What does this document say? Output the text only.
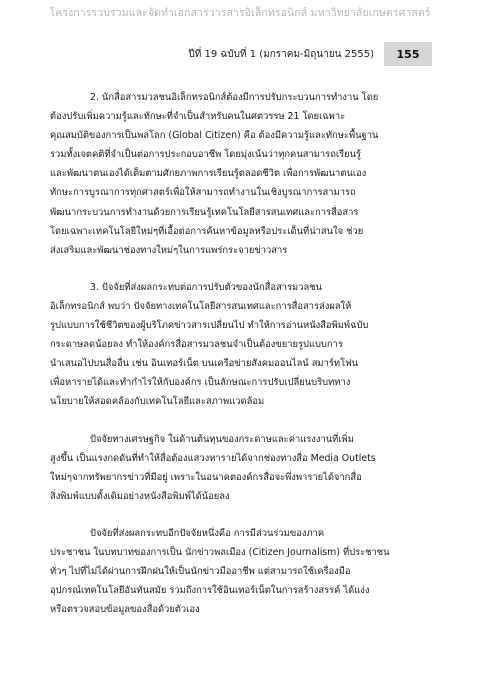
โครงการรวบรวมและจัดทำเอกสารวารสารอิเล็กทรอนิกส์ มหาวิทยาลัยเกษตรศาสตร์
ปีที่ 19 ฉบับที่ 1 (มกราคม-มิถุนายน 2555)	155

2. นักสื่อสารมวลชนอิเล็กทรอนิกส์ต้องมีการปรับกระบวนการทำงาน โดย
ต้องปรับเพิ่มความรู้และทักษะที่จำเป็นสำหรับคนในศตวรรษ 21 โดยเฉพาะ
คุณสมบัติของการเป็นพลโลก (Global Citizen) คือ ต้องมีความรู้และทักษะพื้นฐาน
รวมทั้งเจตคติที่จำเป็นต่อการประกอบอาชีพ โดยมุ่งเน้นว่าทุกคนสามารถเรียนรู้
และพัฒนาตนเองได้เต็มตามศักยภาพการเรียนรู้ตลอดชีวิต เพื่อการพัฒนาตนเอง
ทักษะการบูรณาการทุกศาสตร์เพื่อให้สามารถทำงานในเชิงบูรณาการสามารถ
พัฒนากระบวนการทำงานด้วยการเรียนรู้เทคโนโลยีสารสนเทศและการสื่อสาร
โดยเฉพาะเทคโนโลยีใหม่ๆที่เอื้อต่อการค้นหาข้อมูลหรือประเด็นที่น่าสนใจ ช่วย
ส่งเสริมและพัฒนาช่องทางใหม่ๆในการแพร่กระจายข่าวสาร

3. ปัจจัยที่ส่งผลกระทบต่อการปรับตัวของนักสื่อสารมวลชน
อิเล็กทรอนิกส์ พบว่า ปัจจัยทางเทคโนโลยีสารสนเทศและการสื่อสารส่งผลให้
รูปแบบการใช้ชีวิตของผู้บริโภคข่าวสารเปลี่ยนไป ทำให้การอ่านหนังสือพิมพ์ฉบับ
กระดาษลดน้อยลง ทำให้องค์กรสื่อสารมวลชนจำเป็นต้องขยายรูปแบบการ
นำเสนอไปบนสื่ออื่น เช่น อินเทอร์เน็ต บนเครือข่ายสังคมออนไลน์ สมาร์ทโฟน
เพื่อหารายได้และทำกำไรให้กับองค์กร เป็นลักษณะการปรับเปลี่ยนบริบททาง
นโยบายให้สอดคล้องกับเทคโนโลยีและสภาพแวดล้อม

ปัจจัยทางเศรษฐกิจ ในด้านต้นทุนของกระดาษและค่าแรงงานที่เพิ่ม
สูงขึ้น เป็นแรงกดดันที่ทำให้สื่อต้องแสวงหารายได้จากช่องทางสื่อ Media Outlets
ใหม่ๆจากทรัพยากรข่าวที่มีอยู่ เพราะในอนาคตองค์กรสื่อจะพึ่งพารายได้จากสื่อ
สิ่งพิมพ์แบบดั้งเดิมอย่างหนังสือพิมพ์ได้น้อยลง

ปัจจัยที่ส่งผลกระทบอีกปัจจัยหนึ่งคือ การมีส่วนร่วมของภาค
ประชาชน ในบทบาทของการเป็น นักข่าวพลเมือง (Citizen Journalism) ที่ประชาชน
ทั่วๆ ไปที่ไม่ได้ผ่านการฝึกฝนให้เป็นนักข่าวมืออาชีพ แต่สามารถใช้เครื่องมือ
อุปกรณ์เทคโนโลยีอันทันสมัย รวมถึงการใช้อินเทอร์เน็ตในการสร้างสรรค์ ได้แง่ง
หรือตรวจสอบข้อมูลของสื่อด้วยตัวเอง
